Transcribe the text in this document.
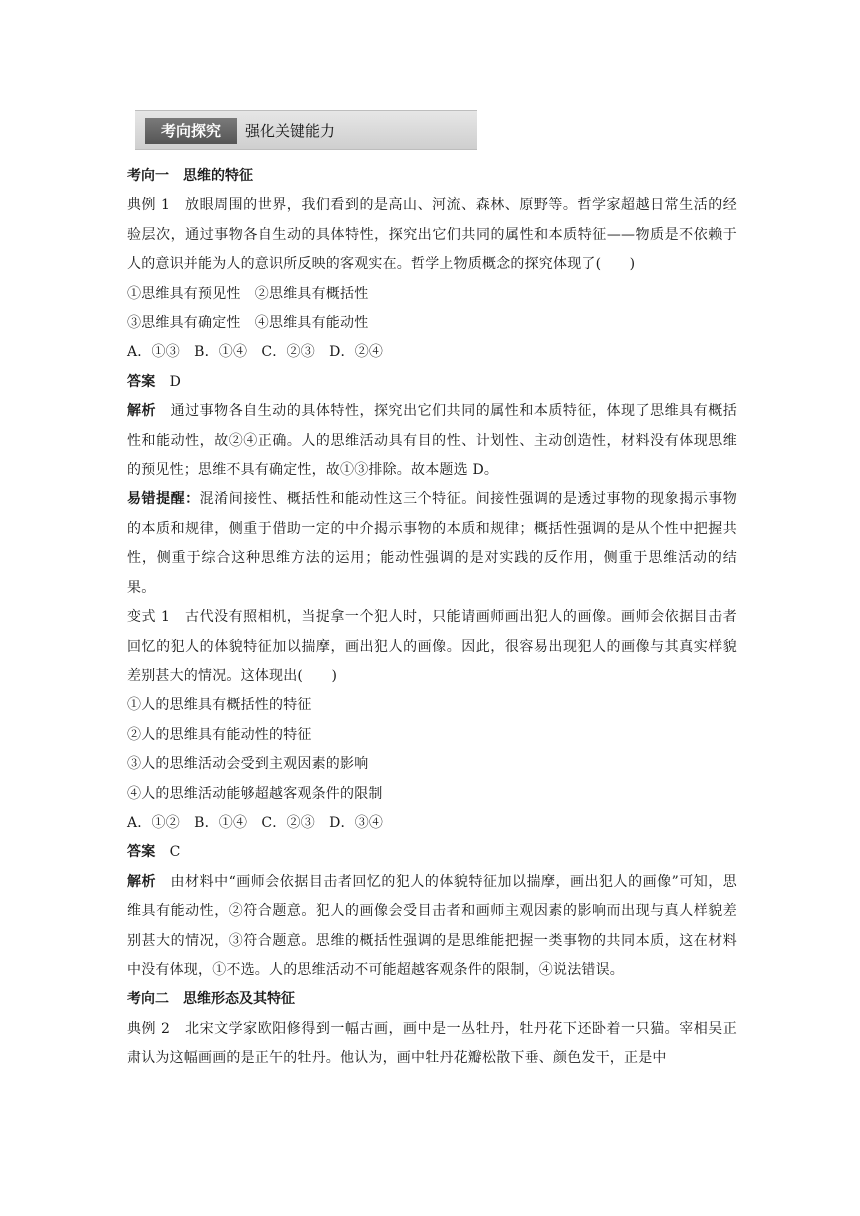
考向探究	强化关键能力

考向一　思维的特征

典例 1　 放眼周围的世界，我们看到的是高山、河流、森林、原野等。哲学家超越日常生活的经验层次，通过事物各自生动的具体特性，探究出它们共同的属性和本质特征——物质是不依赖于人的意识并能为人的意识所反映的客观实在。哲学上物质概念的探究体现了(　　)

①思维具有预见性　②思维具有概括性

③思维具有确定性　④思维具有能动性

A．①③　B．①④　C．②③　D．②④

答案　 D

解析　 通过事物各自生动的具体特性，探究出它们共同的属性和本质特征，体现了思维具有概括性和能动性，故②④正确。人的思维活动具有目的性、计划性、主动创造性，材料没有体现思维的预见性；思维不具有确定性，故①③排除。故本题选 D。

易错提醒：混淆间接性、概括性和能动性这三个特征。间接性强调的是透过事物的现象揭示事物的本质和规律，侧重于借助一定的中介揭示事物的本质和规律；概括性强调的是从个性中把握共性，侧重于综合这种思维方法的运用；能动性强调的是对实践的反作用，侧重于思维活动的结果。

变式 1　 古代没有照相机，当捉拿一个犯人时，只能请画师画出犯人的画像。画师会依据目击者回忆的犯人的体貌特征加以揣摩，画出犯人的画像。因此，很容易出现犯人的画像与其真实样貌差别甚大的情况。这体现出(　　)

①人的思维具有概括性的特征

②人的思维具有能动性的特征

③人的思维活动会受到主观因素的影响

④人的思维活动能够超越客观条件的限制

A．①②　B．①④　C．②③　D．③④

答案　 C

解析　 由材料中“画师会依据目击者回忆的犯人的体貌特征加以揣摩，画出犯人的画像”可知，思维具有能动性，②符合题意。犯人的画像会受目击者和画师主观因素的影响而出现与真人样貌差别甚大的情况，③符合题意。思维的概括性强调的是思维能把握一类事物的共同本质，这在材料中没有体现，①不选。人的思维活动不可能超越客观条件的限制，④说法错误。

考向二　思维形态及其特征

典例 2　 北宋文学家欧阳修得到一幅古画，画中是一丛牡丹，牡丹花下还卧着一只猫。宰相吴正肃认为这幅画画的是正午的牡丹。他认为，画中牡丹花瓣松散下垂、颜色发干，正是中
